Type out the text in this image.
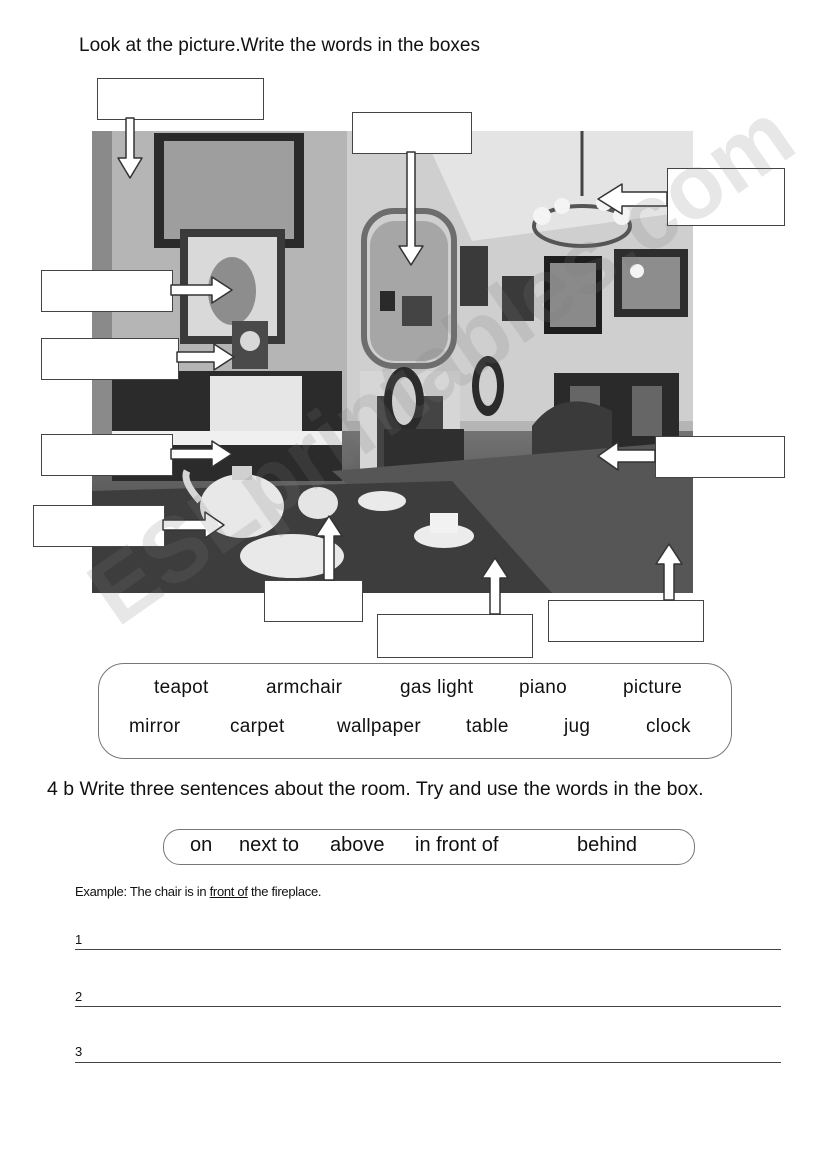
Look at the picture.Write the words in the boxes
teapot	armchair	gas light piano	picture
mirror	carpet	wallpaper table	jug	clock
4 b Write three sentences about the room. Try and use the words in the box.
on next to above in front of	behind
Example: The chair is in front of the fireplace.
1
2
3
